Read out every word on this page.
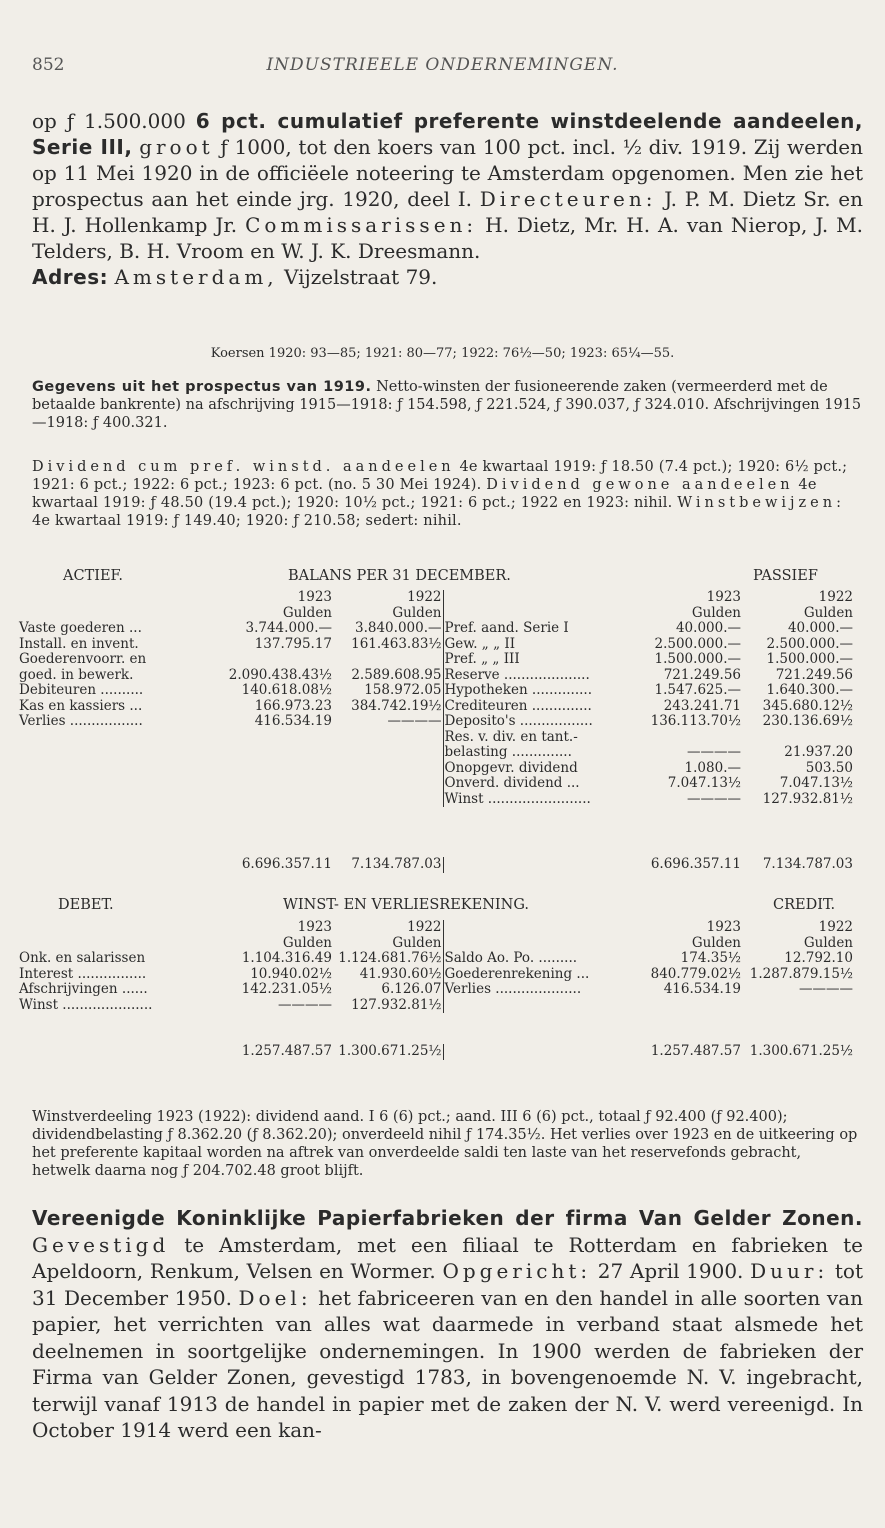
852	INDUSTRIEELE ONDERNEMINGEN.
op ƒ 1.500.000 6 pct. cumulatief preferente winstdeelende aandeelen, Serie III, groot ƒ 1000, tot den koers van 100 pct. incl. ½ div. 1919. Zij werden op 11 Mei 1920 in de officiëele noteering te Amsterdam opgenomen. Men zie het prospectus aan het einde jrg. 1920, deel I. Directeuren: J. P. M. Dietz Sr. en H. J. Hollenkamp Jr. Commissarissen: H. Dietz, Mr. H. A. van Nierop, J. M. Telders, B. H. Vroom en W. J. K. Dreesmann.
Adres: Amsterdam, Vijzelstraat 79.
Koersen 1920: 93—85; 1921: 80—77; 1922: 76½—50; 1923: 65¼—55.
Gegevens uit het prospectus van 1919. Netto-winsten der fusioneerende zaken (vermeerderd met de betaalde bankrente) na afschrijving 1915—1918: ƒ 154.598, ƒ 221.524, ƒ 390.037, ƒ 324.010. Afschrijvingen 1915—1918: ƒ 400.321.
Dividend cum pref. winstd. aandeelen 4e kwartaal 1919: ƒ 18.50 (7.4 pct.); 1920: 6½ pct.; 1921: 6 pct.; 1922: 6 pct.; 1923: 6 pct. (no. 5 30 Mei 1924). Dividend gewone aandeelen 4e kwartaal 1919: ƒ 48.50 (19.4 pct.); 1920: 10½ pct.; 1921: 6 pct.; 1922 en 1923: nihil. Winstbewijzen: 4e kwartaal 1919: ƒ 149.40; 1920: ƒ 210.58; sedert: nihil.
ACTIEF.	BALANS PER 31 DECEMBER.	PASSIEF
	1923	1922		1923	1922
	Gulden	Gulden		Gulden	Gulden
Vaste goederen ...	3.744.000.—	3.840.000.—	Pref. aand. Serie I	40.000.—	40.000.—
Install. en invent.	137.795.17	161.463.83½	Gew. „ „ II	2.500.000.—	2.500.000.—
Goederenvoorr. en			Pref. „ „ III	1.500.000.—	1.500.000.—
goed. in bewerk.	2.090.438.43½	2.589.608.95	Reserve ....................	721.249.56	721.249.56
Debiteuren ..........	140.618.08½	158.972.05	Hypotheken ..............	1.547.625.—	1.640.300.—
Kas en kassiers ...	166.973.23	384.742.19½	Crediteuren ..............	243.241.71	345.680.12½
Verlies .................	416.534.19	————	Deposito's .................	136.113.70½	230.136.69½
			Res. v. div. en tant.-		
			belasting ..............	————	21.937.20
			Onopgevr. dividend	1.080.—	503.50
			Onverd. dividend ...	7.047.13½	7.047.13½
			Winst ........................	————	127.932.81½
	6.696.357.11	7.134.787.03		6.696.357.11	7.134.787.03
DEBET.	WINST- EN VERLIESREKENING.	CREDIT.
	1923	1922		1923	1922
	Gulden	Gulden		Gulden	Gulden
Onk. en salarissen	1.104.316.49	1.124.681.76½	Saldo Ao. Po. .........	174.35½	12.792.10
Interest ................	10.940.02½	41.930.60½	Goederenrekening ...	840.779.02½	1.287.879.15½
Afschrijvingen ......	142.231.05½	6.126.07	Verlies ....................	416.534.19	————
Winst .....................	————	127.932.81½			
	1.257.487.57	1.300.671.25½		1.257.487.57	1.300.671.25½
Winstverdeeling 1923 (1922): dividend aand. I 6 (6) pct.; aand. III 6 (6) pct., totaal ƒ 92.400 (ƒ 92.400); dividendbelasting ƒ 8.362.20 (ƒ 8.362.20); onverdeeld nihil ƒ 174.35½. Het verlies over 1923 en de uitkeering op het preferente kapitaal worden na aftrek van onverdeelde saldi ten laste van het reservefonds gebracht, hetwelk daarna nog ƒ 204.702.48 groot blijft.
Vereenigde Koninklijke Papierfabrieken der firma Van Gelder Zonen. Gevestigd te Amsterdam, met een filiaal te Rotterdam en fabrieken te Apeldoorn, Renkum, Velsen en Wormer. Opgericht: 27 April 1900. Duur: tot 31 December 1950. Doel: het fabriceeren van en den handel in alle soorten van papier, het verrichten van alles wat daarmede in verband staat alsmede het deelnemen in soortgelijke ondernemingen. In 1900 werden de fabrieken der Firma van Gelder Zonen, gevestigd 1783, in bovengenoemde N. V. ingebracht, terwijl vanaf 1913 de handel in papier met de zaken der N. V. werd vereenigd. In October 1914 werd een kan-
